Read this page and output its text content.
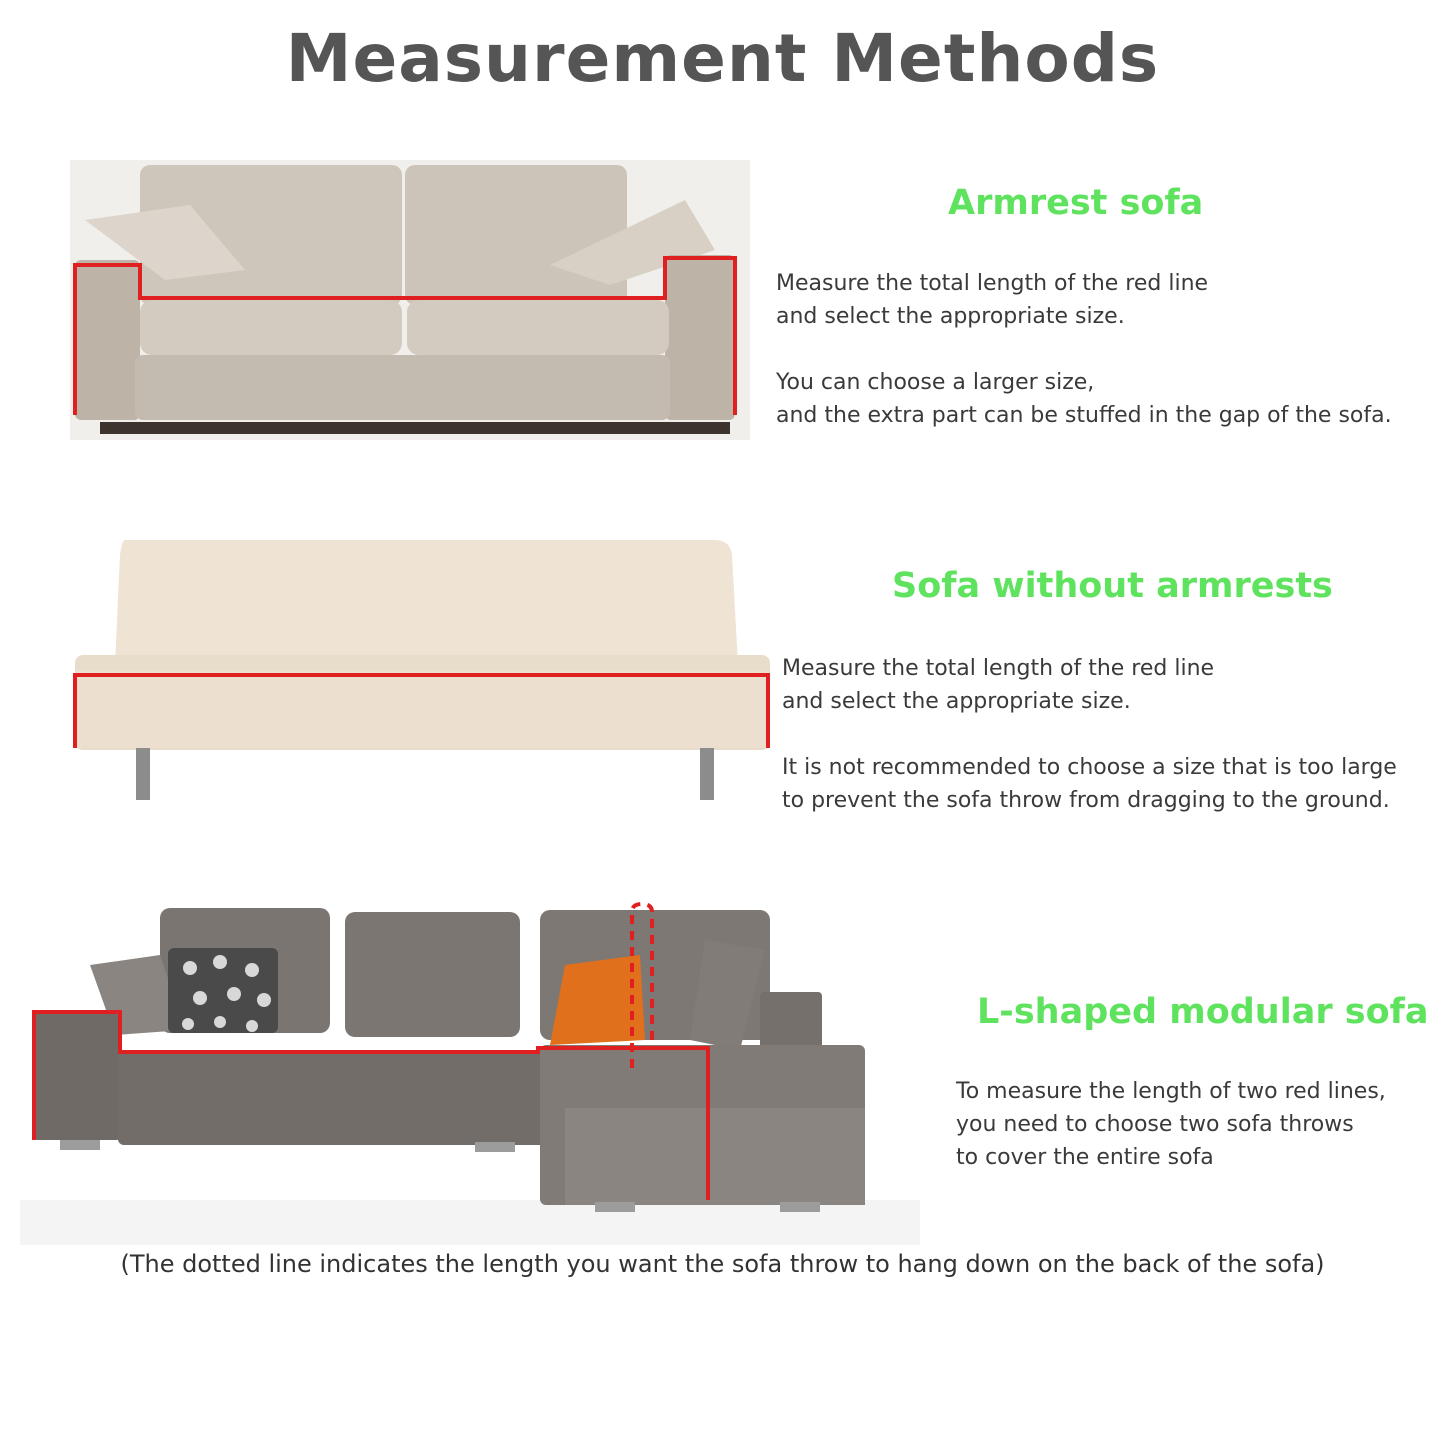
Measurement Methods
Armrest sofa

Measure the total length of the red line

and select the appropriate size.

You can choose a larger size,

and the extra part can be stuffed in the gap of the sofa.

Sofa without armrests

Measure the total length of the red line

and select the appropriate size.

It is not recommended to choose a size that is too large

to prevent the sofa throw from dragging to the ground.

L-shaped modular sofa

To measure the length of two red lines,

you need to choose two sofa throws

to cover the entire sofa

(The dotted line indicates the length you want the sofa throw to hang down on the back of the sofa)
